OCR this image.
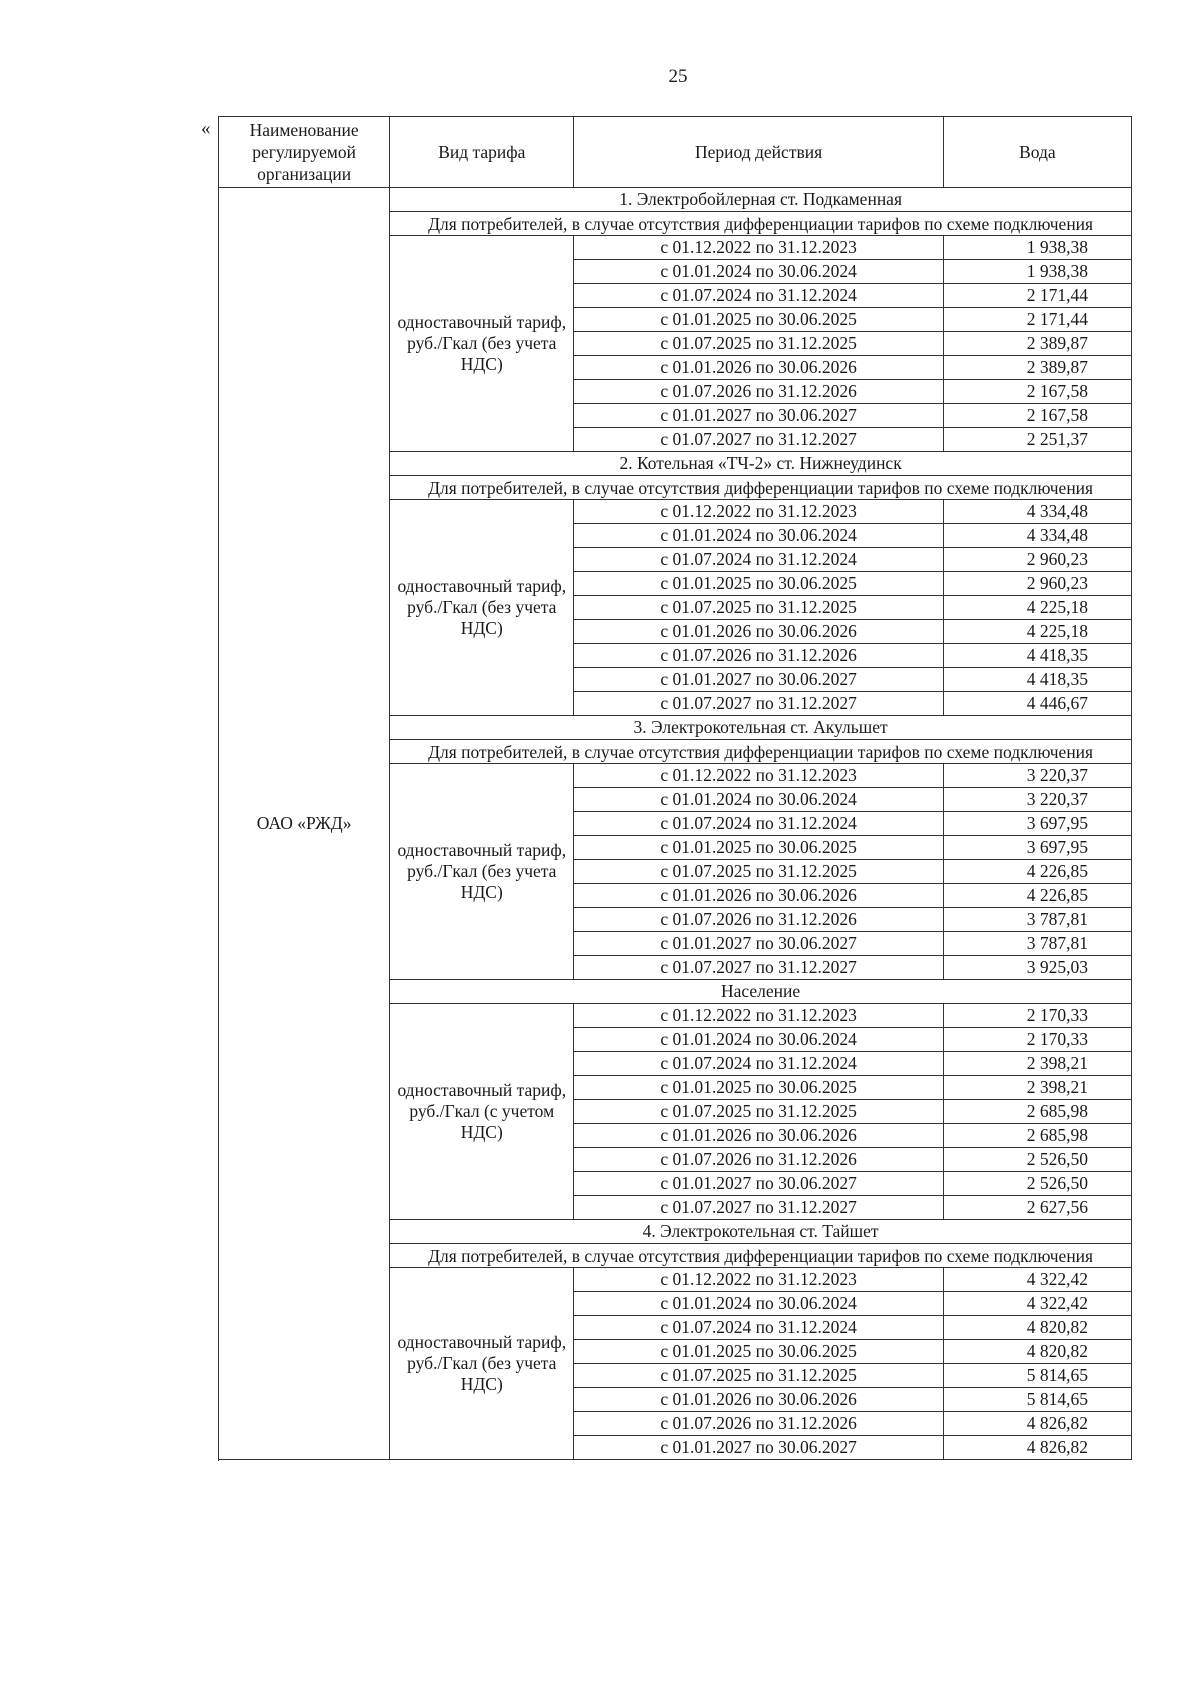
25
« Наименование регулируемой организации	Вид тарифа	Период действия	Вода
ОАО «РЖД»	1. Электробойлерная ст. Подкаменная		
	Для потребителей, в случае отсутствия дифференциации тарифов по схеме подключения		
	одноставочный тариф, руб./Гкал (без учета НДС)	с 01.12.2022 по 31.12.2023	1 938,38
		с 01.01.2024 по 30.06.2024	1 938,38
		с 01.07.2024 по 31.12.2024	2 171,44
		с 01.01.2025 по 30.06.2025	2 171,44
		с 01.07.2025 по 31.12.2025	2 389,87
		с 01.01.2026 по 30.06.2026	2 389,87
		с 01.07.2026 по 31.12.2026	2 167,58
		с 01.01.2027 по 30.06.2027	2 167,58
		с 01.07.2027 по 31.12.2027	2 251,37
	2. Котельная «ТЧ-2» ст. Нижнеудинск		
	Для потребителей, в случае отсутствия дифференциации тарифов по схеме подключения		
	одноставочный тариф, руб./Гкал (без учета НДС)	с 01.12.2022 по 31.12.2023	4 334,48
		с 01.01.2024 по 30.06.2024	4 334,48
		с 01.07.2024 по 31.12.2024	2 960,23
		с 01.01.2025 по 30.06.2025	2 960,23
		с 01.07.2025 по 31.12.2025	4 225,18
		с 01.01.2026 по 30.06.2026	4 225,18
		с 01.07.2026 по 31.12.2026	4 418,35
		с 01.01.2027 по 30.06.2027	4 418,35
		с 01.07.2027 по 31.12.2027	4 446,67
	3. Электрокотельная ст. Акульшет		
	Для потребителей, в случае отсутствия дифференциации тарифов по схеме подключения		
	одноставочный тариф, руб./Гкал (без учета НДС)	с 01.12.2022 по 31.12.2023	3 220,37
		с 01.01.2024 по 30.06.2024	3 220,37
		с 01.07.2024 по 31.12.2024	3 697,95
		с 01.01.2025 по 30.06.2025	3 697,95
		с 01.07.2025 по 31.12.2025	4 226,85
		с 01.01.2026 по 30.06.2026	4 226,85
		с 01.07.2026 по 31.12.2026	3 787,81
		с 01.01.2027 по 30.06.2027	3 787,81
		с 01.07.2027 по 31.12.2027	3 925,03
	Население		
	одноставочный тариф, руб./Гкал (с учетом НДС)	с 01.12.2022 по 31.12.2023	2 170,33
		с 01.01.2024 по 30.06.2024	2 170,33
		с 01.07.2024 по 31.12.2024	2 398,21
		с 01.01.2025 по 30.06.2025	2 398,21
		с 01.07.2025 по 31.12.2025	2 685,98
		с 01.01.2026 по 30.06.2026	2 685,98
		с 01.07.2026 по 31.12.2026	2 526,50
		с 01.01.2027 по 30.06.2027	2 526,50
		с 01.07.2027 по 31.12.2027	2 627,56
	4. Электрокотельная ст. Тайшет		
	Для потребителей, в случае отсутствия дифференциации тарифов по схеме подключения		
	одноставочный тариф, руб./Гкал (без учета НДС)	с 01.12.2022 по 31.12.2023	4 322,42
		с 01.01.2024 по 30.06.2024	4 322,42
		с 01.07.2024 по 31.12.2024	4 820,82
		с 01.01.2025 по 30.06.2025	4 820,82
		с 01.07.2025 по 31.12.2025	5 814,65
		с 01.01.2026 по 30.06.2026	5 814,65
		с 01.07.2026 по 31.12.2026	4 826,82
		с 01.01.2027 по 30.06.2027	4 826,82
